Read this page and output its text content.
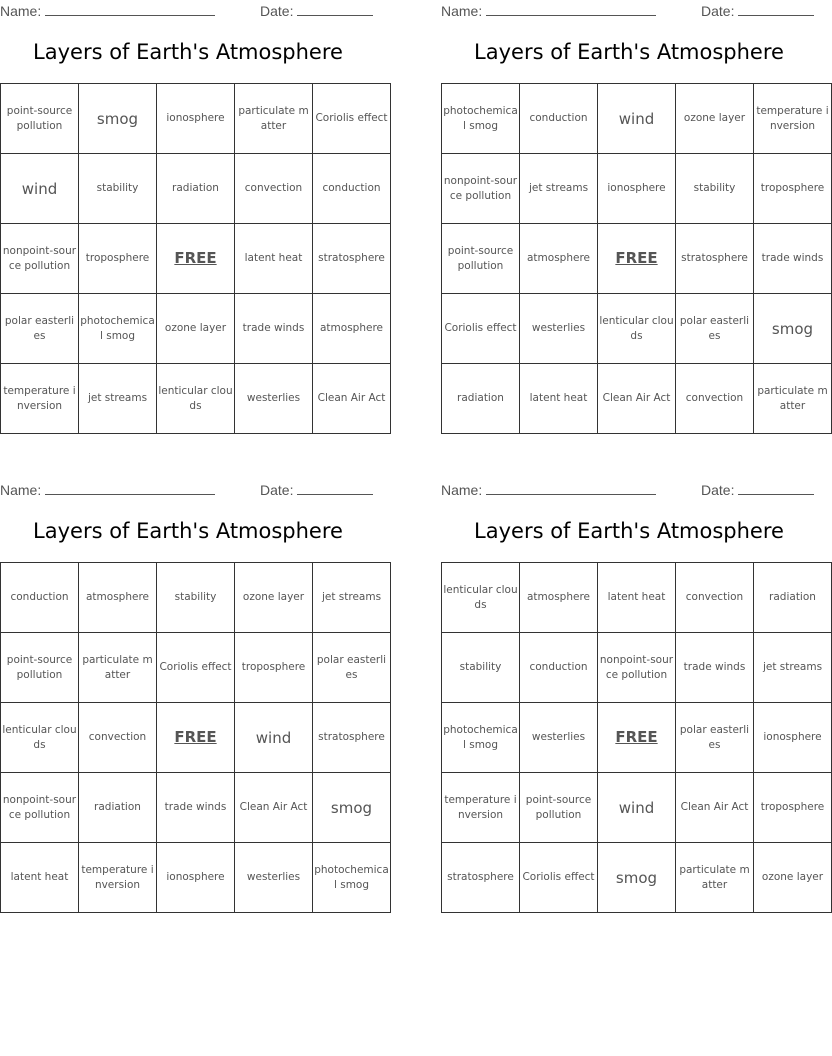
Name:	Date:
Layers of Earth's Atmosphere
point-source pollution	smog	ionosphere	particulate matter	Coriolis effect
wind	stability	radiation	convection	conduction
nonpoint-source pollution	troposphere	FREE	latent heat	stratosphere
polar easterlies	photochemical smog	ozone layer	trade winds	atmosphere
temperature inversion	jet streams	lenticular clouds	westerlies	Clean Air Act
Name:	Date:
Layers of Earth's Atmosphere
photochemical smog	conduction	wind	ozone layer	temperature inversion
nonpoint-source pollution	jet streams	ionosphere	stability	troposphere
point-source pollution	atmosphere	FREE	stratosphere	trade winds
Coriolis effect	westerlies	lenticular clouds	polar easterlies	smog
radiation	latent heat	Clean Air Act	convection	particulate matter
Name:	Date:
Layers of Earth's Atmosphere
conduction	atmosphere	stability	ozone layer	jet streams
point-source pollution	particulate matter	Coriolis effect	troposphere	polar easterlies
lenticular clouds	convection	FREE	wind	stratosphere
nonpoint-source pollution	radiation	trade winds	Clean Air Act	smog
latent heat	temperature inversion	ionosphere	westerlies	photochemical smog
Name:	Date:
Layers of Earth's Atmosphere
lenticular clouds	atmosphere	latent heat	convection	radiation
stability	conduction	nonpoint-source pollution	trade winds	jet streams
photochemical smog	westerlies	FREE	polar easterlies	ionosphere
temperature inversion	point-source pollution	wind	Clean Air Act	troposphere
stratosphere	Coriolis effect	smog	particulate matter	ozone layer
